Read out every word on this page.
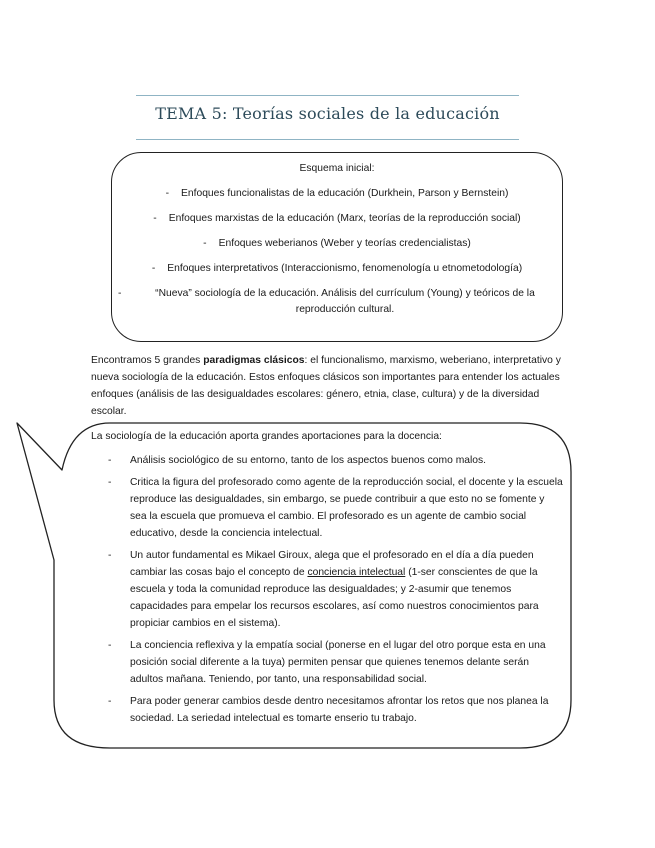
TEMA 5: Teorías sociales de la educación
Esquema inicial:
- Enfoques funcionalistas de la educación (Durkhein, Parson y Bernstein)
- Enfoques marxistas de la educación (Marx, teorías de la reproducción social)
- Enfoques weberianos (Weber y teorías credencialistas)
- Enfoques interpretativos (Interaccionismo, fenomenología u etnometodología)
-	“Nueva” sociología de la educación. Análisis del currículum (Young) y teóricos de la reproducción cultural.
Encontramos 5 grandes paradigmas clásicos: el funcionalismo, marxismo, weberiano, interpretativo y nueva sociología de la educación. Estos enfoques clásicos son importantes para entender los actuales enfoques (análisis de las desigualdades escolares: género, etnia, clase, cultura) y de la diversidad escolar.
La sociología de la educación aporta grandes aportaciones para la docencia:
- Análisis sociológico de su entorno, tanto de los aspectos buenos como malos.
- Critica la figura del profesorado como agente de la reproducción social, el docente y la escuela reproduce las desigualdades, sin embargo, se puede contribuir a que esto no se fomente y sea la escuela que promueva el cambio. El profesorado es un agente de cambio social educativo, desde la conciencia intelectual.
- Un autor fundamental es Mikael Giroux, alega que el profesorado en el día a día pueden cambiar las cosas bajo el concepto de conciencia intelectual (1-ser conscientes de que la escuela y toda la comunidad reproduce las desigualdades; y 2-asumir que tenemos capacidades para empelar los recursos escolares, así como nuestros conocimientos para propiciar cambios en el sistema).
- La conciencia reflexiva y la empatía social (ponerse en el lugar del otro porque esta en una posición social diferente a la tuya) permiten pensar que quienes tenemos delante serán adultos mañana. Teniendo, por tanto, una responsabilidad social.
- Para poder generar cambios desde dentro necesitamos afrontar los retos que nos planea la sociedad. La seriedad intelectual es tomarte enserio tu trabajo.
